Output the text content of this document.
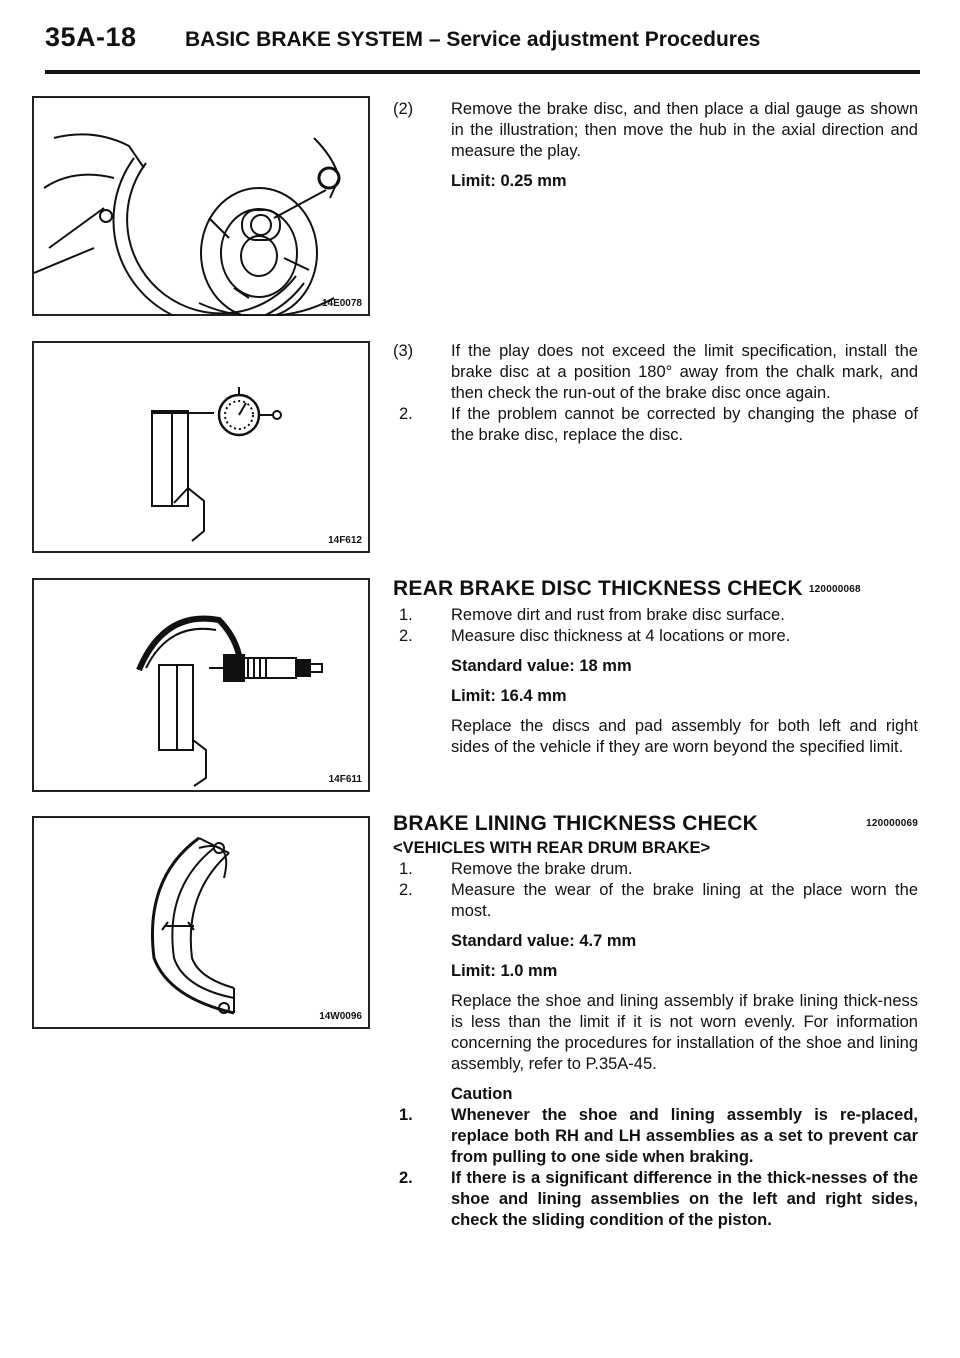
35A-18 BASIC BRAKE SYSTEM – Service adjustment Procedures
14E0078
14F612
14F611
14W0096
(2) Remove the brake disc, and then place a dial gauge as shown in the illustration; then move the hub in the axial direction and measure the play.
Limit: 0.25 mm
(3) If the play does not exceed the limit specification, install the brake disc at a position 180° away from the chalk mark, and then check the run-out of the brake disc once again.
2. If the problem cannot be corrected by changing the phase of the brake disc, replace the disc.
REAR BRAKE DISC THICKNESS CHECK 120000068
1. Remove dirt and rust from brake disc surface.
2. Measure disc thickness at 4 locations or more.
Standard value: 18 mm
Limit: 16.4 mm
Replace the discs and pad assembly for both left and right sides of the vehicle if they are worn beyond the specified limit.
BRAKE LINING THICKNESS CHECK	120000069
<VEHICLES WITH REAR DRUM BRAKE>
1. Remove the brake drum.
2. Measure the wear of the brake lining at the place worn the most.
Standard value: 4.7 mm
Limit: 1.0 mm
Replace the shoe and lining assembly if brake lining thick-ness is less than the limit if it is not worn evenly. For information concerning the procedures for installation of the shoe and lining assembly, refer to P.35A-45.
Caution
1. Whenever the shoe and lining assembly is re-placed, replace both RH and LH assemblies as a set to prevent car from pulling to one side when braking.
2. If there is a significant difference in the thick-nesses of the shoe and lining assemblies on the left and right sides, check the sliding condition of the piston.
